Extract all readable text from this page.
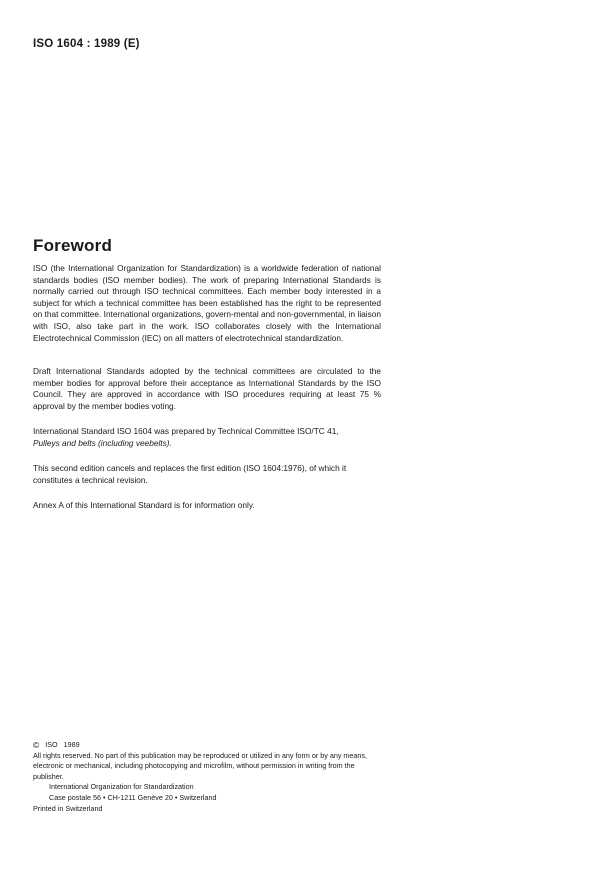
ISO 1604 : 1989 (E)
Foreword

ISO (the International Organization for Standardization) is a worldwide federation of national standards bodies (ISO member bodies). The work of preparing International Standards is normally carried out through ISO technical committees. Each member body interested in a subject for which a technical committee has been established has the right to be represented on that committee. International organizations, govern-mental and non-governmental, in liaison with ISO, also take part in the work. ISO collaborates closely with the International Electrotechnical Commission (IEC) on all matters of electrotechnical standardization.

Draft International Standards adopted by the technical committees are circulated to the member bodies for approval before their acceptance as International Standards by the ISO Council. They are approved in accordance with ISO procedures requiring at least 75 % approval by the member bodies voting.

International Standard ISO 1604 was prepared by Technical Committee ISO/TC 41,
Pulleys and belts (including veebelts).

This second edition cancels and replaces the first edition (ISO 1604:1976), of which it constitutes a technical revision.

Annex A of this International Standard is for information only.

© ISO 1989
All rights reserved. No part of this publication may be reproduced or utilized in any form or by any means, electronic or mechanical, including photocopying and microfilm, without permission in writing from the publisher.
International Organization for Standardization
Case postale 56 • CH-1211 Genève 20 • Switzerland
Printed in Switzerland
